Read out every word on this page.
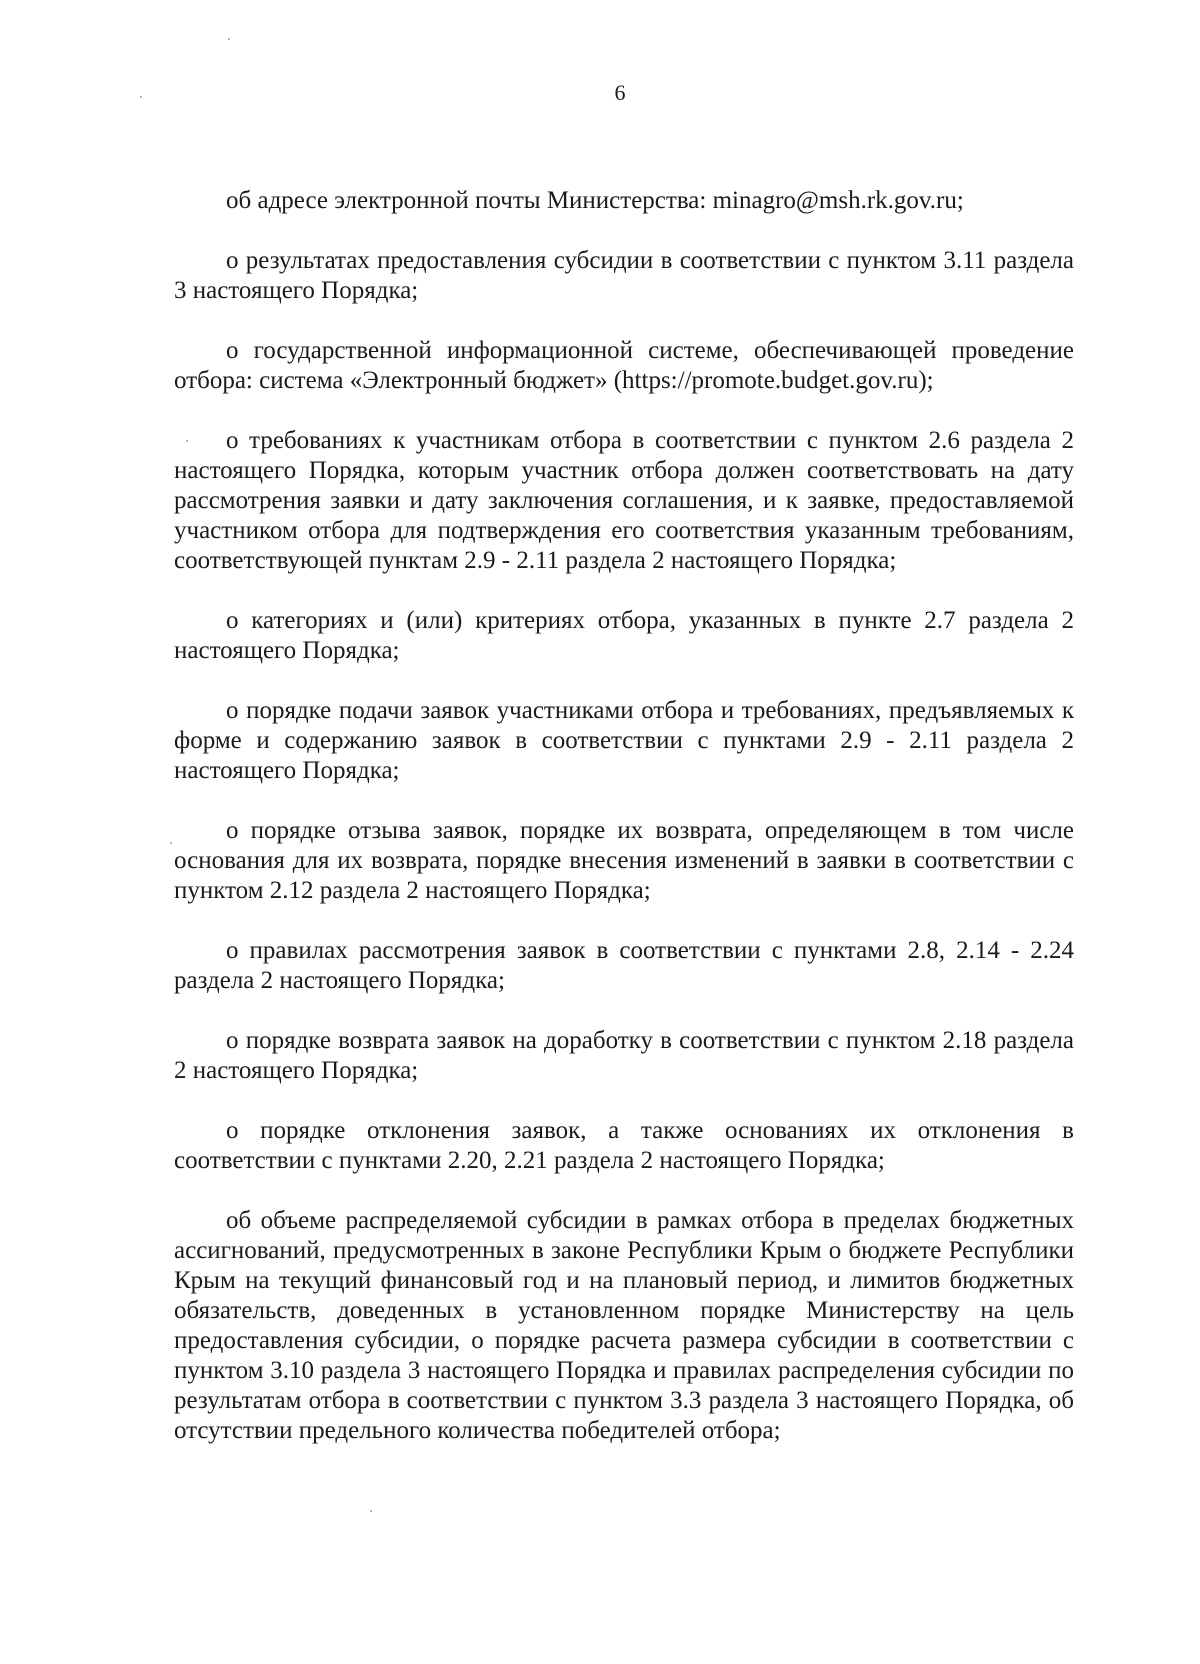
6

об адресе электронной почты Министерства: minagro@msh.rk.gov.ru;

о результатах предоставления субсидии в соответствии с пунктом 3.11 раздела 3 настоящего Порядка;

о государственной информационной системе, обеспечивающей проведение отбора: система «Электронный бюджет» (https://promote.budget.gov.ru);

о требованиях к участникам отбора в соответствии с пунктом 2.6 раздела 2 настоящего Порядка, которым участник отбора должен соответствовать на дату рассмотрения заявки и дату заключения соглашения, и к заявке, предоставляемой участником отбора для подтверждения его соответствия указанным требованиям, соответствующей пунктам 2.9 - 2.11 раздела 2 настоящего Порядка;

о категориях и (или) критериях отбора, указанных в пункте 2.7 раздела 2 настоящего Порядка;

о порядке подачи заявок участниками отбора и требованиях, предъявляемых к форме и содержанию заявок в соответствии с пунктами 2.9 - 2.11 раздела 2 настоящего Порядка;

о порядке отзыва заявок, порядке их возврата, определяющем в том числе основания для их возврата, порядке внесения изменений в заявки в соответствии с пунктом 2.12 раздела 2 настоящего Порядка;

о правилах рассмотрения заявок в соответствии с пунктами 2.8, 2.14 - 2.24 раздела 2 настоящего Порядка;

о порядке возврата заявок на доработку в соответствии с пунктом 2.18 раздела 2 настоящего Порядка;

о порядке отклонения заявок, а также основаниях их отклонения в соответствии с пунктами 2.20, 2.21 раздела 2 настоящего Порядка;

об объеме распределяемой субсидии в рамках отбора в пределах бюджетных ассигнований, предусмотренных в законе Республики Крым о бюджете Республики Крым на текущий финансовый год и на плановый период, и лимитов бюджетных обязательств, доведенных в установленном порядке Министерству на цель предоставления субсидии, о порядке расчета размера субсидии в соответствии с пунктом 3.10 раздела 3 настоящего Порядка и правилах распределения субсидии по результатам отбора в соответствии с пунктом 3.3 раздела 3 настоящего Порядка, об отсутствии предельного количества победителей отбора;
